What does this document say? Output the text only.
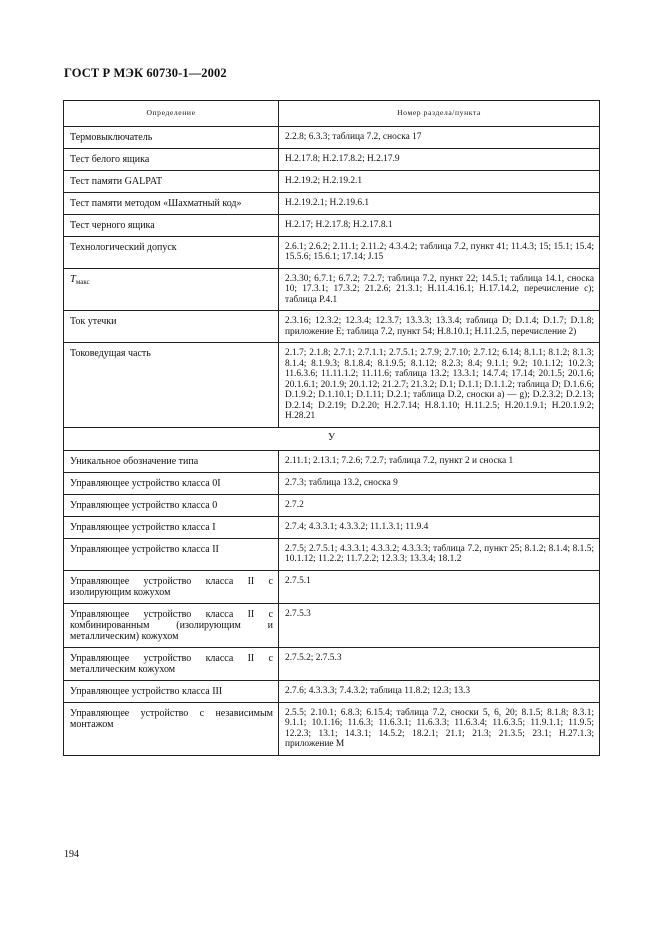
ГОСТ Р МЭК 60730-1—2002
Определение	Номер раздела/пункта
Термовыключатель	2.2.8; 6.3.3; таблица 7.2, сноска 17
Тест белого ящика	H.2.17.8; H.2.17.8.2; H.2.17.9
Тест памяти GALPAT	H.2.19.2; H.2.19.2.1
Тест памяти методом «Шахматный код»	H.2.19.2.1; H.2.19.6.1
Тест черного ящика	H.2.17; H.2.17.8; H.2.17.8.1
Технологический допуск	2.6.1; 2.6.2; 2.11.1; 2.11.2; 4.3.4.2; таблица 7.2, пункт 41; 11.4.3; 15; 15.1; 15.4; 15.5.6; 15.6.1; 17.14; J.15
$T_{макс}$	2.3.30; 6.7.1; 6.7.2; 7.2.7; таблица 7.2, пункт 22; 14.5.1; таблица 14.1, сноска 10; 17.3.1; 17.3.2; 21.2.6; 21.3.1; H.11.4.16.1; H.17.14.2, перечисление с); таблица Р.4.1
Ток утечки	2.3.16; 12.3.2; 12.3.4; 12.3.7; 13.3.3; 13.3.4; таблица D; D.1.4; D.1.7; D.1.8; приложение Е; таблица 7.2, пункт 54; H.8.10.1; H.11.2.5, перечисление 2)
Токоведущая часть	2.1.7; 2.1.8; 2.7.1; 2.7.1.1; 2.7.5.1; 2.7.9; 2.7.10; 2.7.12; 6.14; 8.1.1; 8.1.2; 8.1.3; 8.1.4; 8.1.9.3; 8.1.8.4; 8.1.9.5; 8.1.12; 8.2.3; 8.4; 9.1.1; 9.2; 10.1.12; 10.2.3; 11.6.3.6; 11.11.1.2; 11.11.6; таблица 13.2; 13.3.1; 14.7.4; 17.14; 20.1.5; 20.1.6; 20.1.6.1; 20.1.9; 20.1.12; 21.2.7; 21.3.2; D.1; D.1.1; D.1.1.2; таблица D; D.1.6.6; D.1.9.2; D.1.10.1; D.1.11; D.2.1; таблица D.2, сноски а) — g); D.2.3.2; D.2.13; D.2.14; D.2.19; D.2.20; H.2.7.14; H.8.1.10; H.11.2.5; H.20.1.9.1; H.20.1.9.2; H.28.21
У	
Уникальное обозначение типа	2.11.1; 2.13.1; 7.2.6; 7.2.7; таблица 7.2, пункт 2 и сноска 1
Управляющее устройство класса 0I	2.7.3; таблица 13.2, сноска 9
Управляющее устройство класса 0	2.7.2
Управляющее устройство класса I	2.7.4; 4.3.3.1; 4.3.3.2; 11.1.3.1; 11.9.4
Управляющее устройство класса II	2.7.5; 2.7.5.1; 4.3.3.1; 4.3.3.2; 4.3.3.3; таблица 7.2, пункт 25; 8.1.2; 8.1.4; 8.1.5; 10.1.12; 11.2.2; 11.7.2.2; 12.3.3; 13.3.4; 18.1.2
Управляющее устройство класса II с изолирующим кожухом	2.7.5.1
Управляющее устройство класса II с комбинированным (изолирующим и металлическим) кожухом	2.7.5.3
Управляющее устройство класса II с металлическим кожухом	2.7.5.2; 2.7.5.3
Управляющее устройство класса III	2.7.6; 4.3.3.3; 7.4.3.2; таблица 11.8.2; 12.3; 13.3
Управляющее устройство с независимым монтажом	2.5.5; 2.10.1; 6.8.3; 6.15.4; таблица 7.2, сноски 5, 6, 20; 8.1.5; 8.1.8; 8.3.1; 9.1.1; 10.1.16; 11.6.3; 11.6.3.1; 11.6.3.3; 11.6.3.4; 11.6.3.5; 11.9.1.1; 11.9.5; 12.2.3; 13.1; 14.3.1; 14.5.2; 18.2.1; 21.1; 21.3; 21.3.5; 23.1; H.27.1.3; приложение М
194
